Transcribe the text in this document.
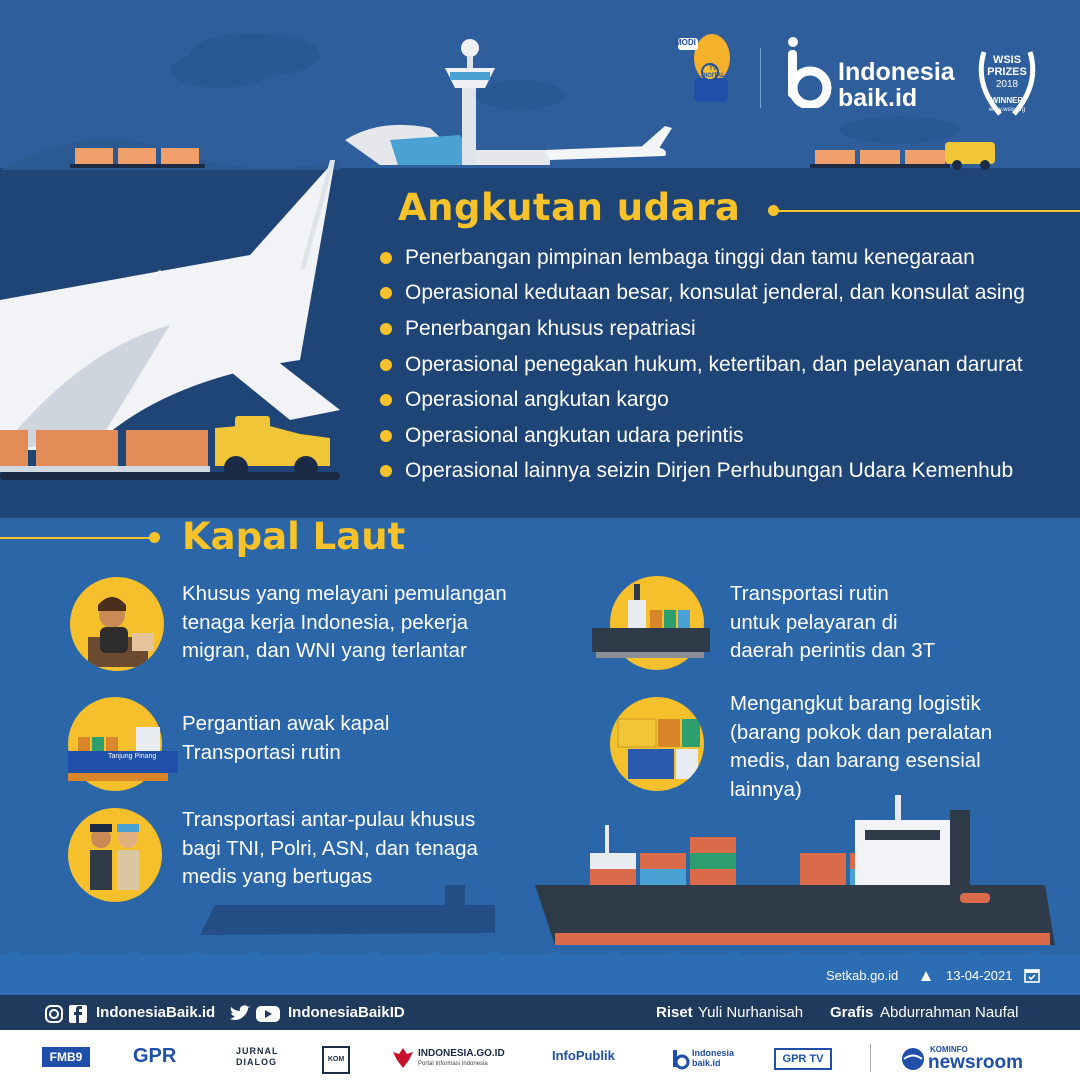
MODI
TV DIGITAL	Indonesia
baik.id
WSIS
PRIZES
2018
WINNER
www.wsis.org
Angkutan udara
Penerbangan pimpinan lembaga tinggi dan tamu kenegaraan
Operasional kedutaan besar, konsulat jenderal, dan konsulat asing
Penerbangan khusus repatriasi
Operasional penegakan hukum, ketertiban, dan pelayanan darurat
Operasional angkutan kargo
Operasional angkutan udara perintis
Operasional lainnya seizin Dirjen Perhubungan Udara Kemenhub
Kapal Laut

Khusus yang melayani pemulangan
tenaga kerja Indonesia, pekerja
migran, dan WNI yang terlantar

Tanjung Pinang

Pergantian awak kapal
Transportasi rutin

Transportasi antar-pulau khusus
bagi TNI, Polri, ASN, dan tenaga
medis yang bertugas

Transportasi rutin
untuk pelayaran di
daerah perintis dan 3T

Mengangkut barang logistik
(barang pokok dan peralatan
medis, dan barang esensial
lainnya)

Setkab.go.id	13-04-2021
IndonesiaBaik.id	IndonesiaBaikID	Riset Yuli Nurhanisah Grafis Abdurrahman Naufal
FMB9	GPR	JURNAL
DIALOG	KOM
INDONESIA.GO.ID
Portal Informasi Indonesia
InfoPublik	Indonesia
baik.id	GPR TV
KOMINFO
newsroom
